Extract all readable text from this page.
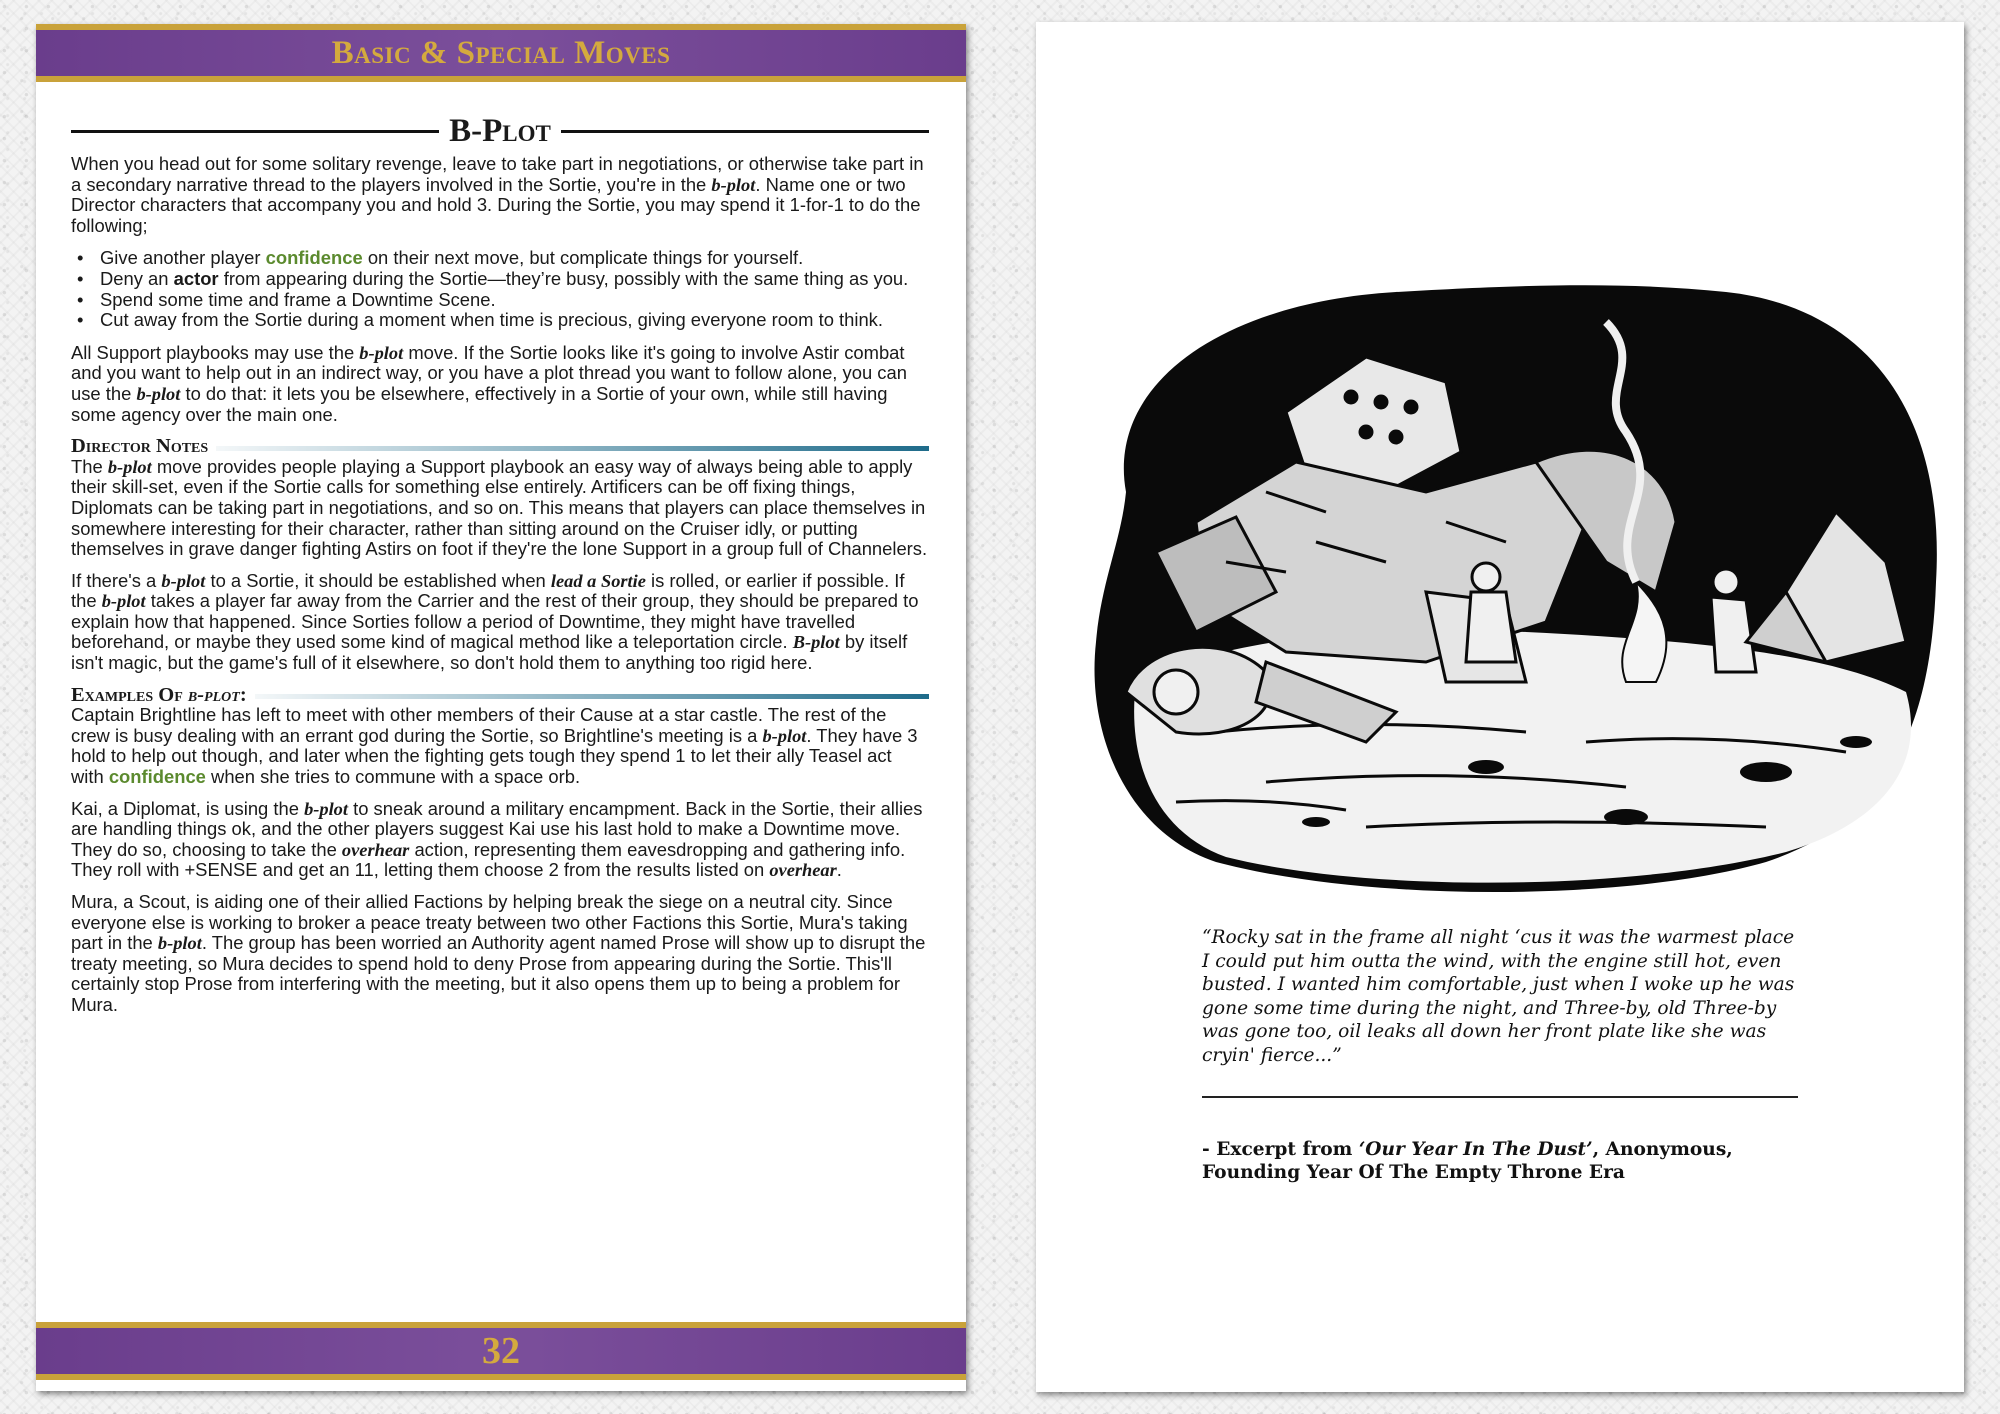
Basic & Special Moves
B-Plot

When you head out for some solitary revenge, leave to take part in negotiations, or otherwise take part in a secondary narrative thread to the players involved in the Sortie, you're in the b-plot. Name one or two Director characters that accompany you and hold 3. During the Sortie, you may spend it 1-for-1 to do the following;

• Give another player confidence on their next move, but complicate things for yourself.
• Deny an actor from appearing during the Sortie—they’re busy, possibly with the same thing as you.
• Spend some time and frame a Downtime Scene.
• Cut away from the Sortie during a moment when time is precious, giving everyone room to think.

All Support playbooks may use the b-plot move. If the Sortie looks like it's going to involve Astir combat and you want to help out in an indirect way, or you have a plot thread you want to follow alone, you can use the b-plot to do that: it lets you be elsewhere, effectively in a Sortie of your own, while still having some agency over the main one.

Director Notes

The b-plot move provides people playing a Support playbook an easy way of always being able to apply their skill-set, even if the Sortie calls for something else entirely. Artificers can be off fixing things, Diplomats can be taking part in negotiations, and so on. This means that players can place themselves in somewhere interesting for their character, rather than sitting around on the Cruiser idly, or putting themselves in grave danger fighting Astirs on foot if they're the lone Support in a group full of Channelers.

If there's a b-plot to a Sortie, it should be established when lead a Sortie is rolled, or earlier if possible. If the b-plot takes a player far away from the Carrier and the rest of their group, they should be prepared to explain how that happened. Since Sorties follow a period of Downtime, they might have travelled beforehand, or maybe they used some kind of magical method like a teleportation circle. B-plot by itself isn't magic, but the game's full of it elsewhere, so don't hold them to anything too rigid here.

Examples Of b-plot:

Captain Brightline has left to meet with other members of their Cause at a star castle. The rest of the crew is busy dealing with an errant god during the Sortie, so Brightline's meeting is a b-plot. They have 3 hold to help out though, and later when the fighting gets tough they spend 1 to let their ally Teasel act with confidence when she tries to commune with a space orb.

Kai, a Diplomat, is using the b-plot to sneak around a military encampment. Back in the Sortie, their allies are handling things ok, and the other players suggest Kai use his last hold to make a Downtime move. They do so, choosing to take the overhear action, representing them eavesdropping and gathering info. They roll with +SENSE and get an 11, letting them choose 2 from the results listed on overhear.

Mura, a Scout, is aiding one of their allied Factions by helping break the siege on a neutral city. Since everyone else is working to broker a peace treaty between two other Factions this Sortie, Mura's taking part in the b-plot. The group has been worried an Authority agent named Prose will show up to disrupt the treaty meeting, so Mura decides to spend hold to deny Prose from appearing during the Sortie. This'll certainly stop Prose from interfering with the meeting, but it also opens them up to being a problem for Mura.

32
“Rocky sat in the frame all night ‘cus it was the warmest place I could put him outta the wind, with the engine still hot, even busted. I wanted him comfortable, just when I woke up he was gone some time during the night, and Three-by, old Three-by was gone too, oil leaks all down her front plate like she was cryin' fierce...”
- Excerpt from ‘Our Year In The Dust’, Anonymous,
Founding Year Of The Empty Throne Era
